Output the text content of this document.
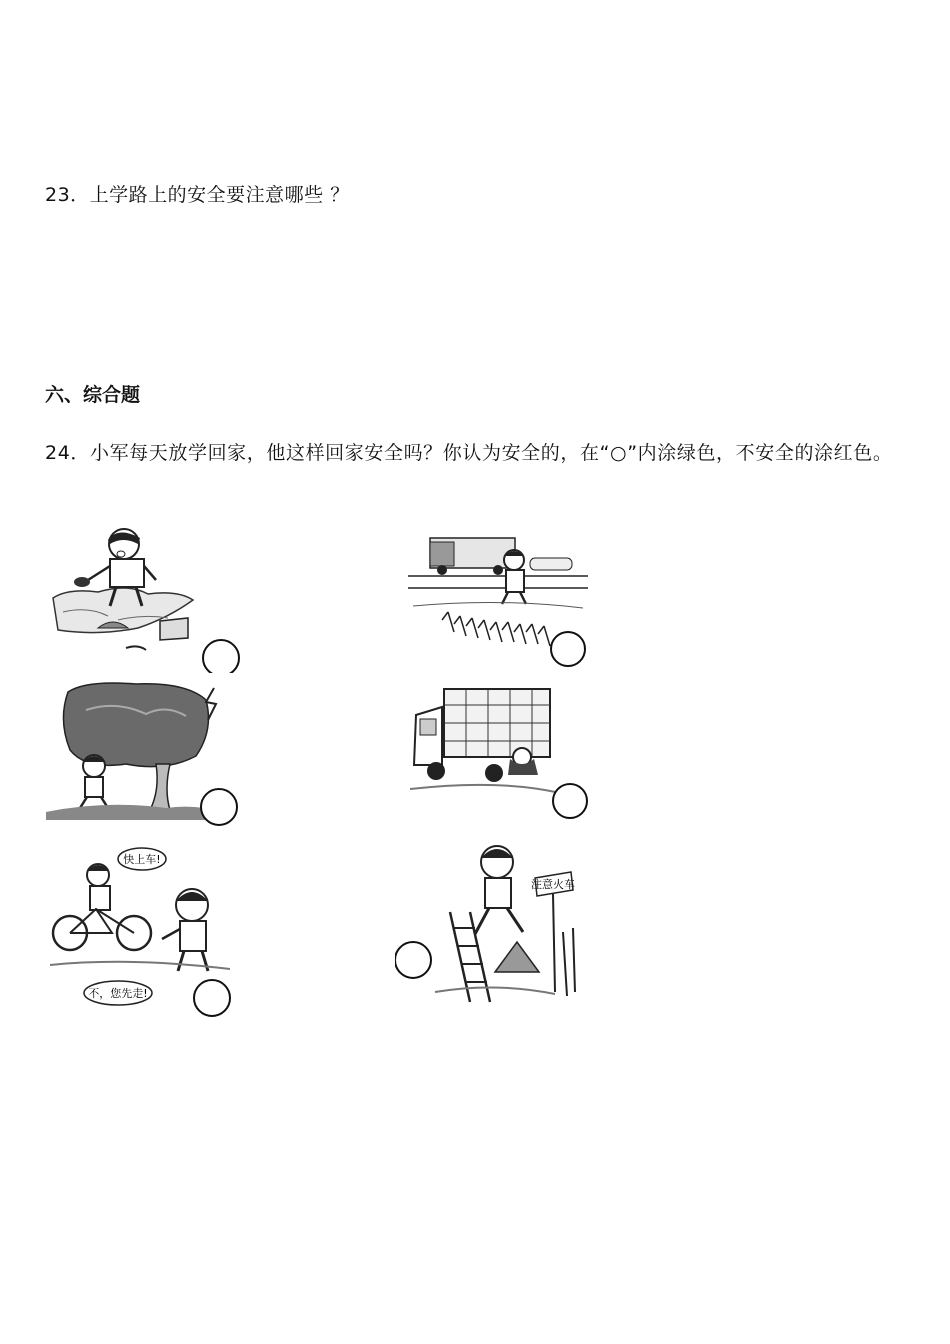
23．上学路上的安全要注意哪些 ？
六、综合题
24．小军每天放学回家，他这样回家安全吗？你认为安全的，在“○”内涂绿色，不安全的涂红色。
快上车!
不，您先走!
注意火车
